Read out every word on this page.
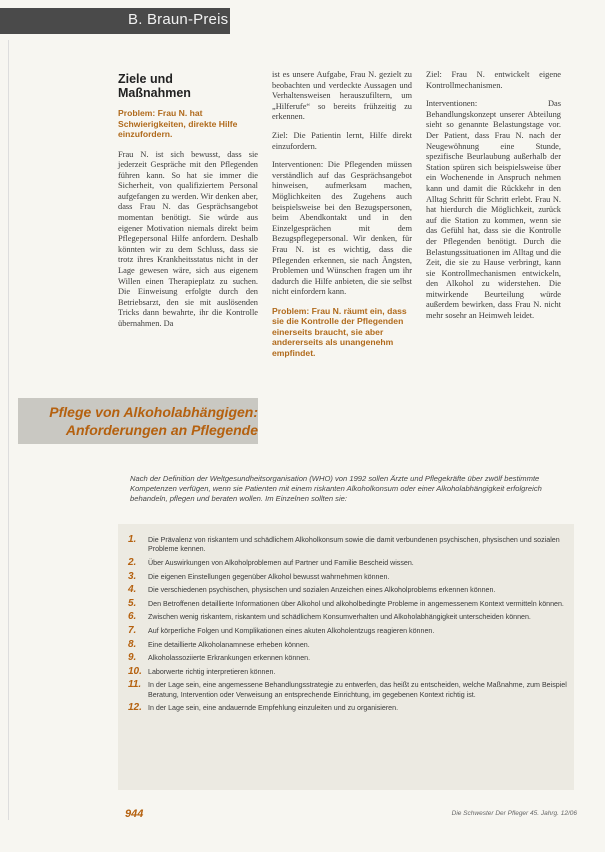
B. Braun-Preis
Ziele und
Maßnahmen
Problem: Frau N. hat Schwierigkeiten, direkte Hilfe einzufordern.

Frau N. ist sich bewusst, dass sie jederzeit Gespräche mit den Pflegenden führen kann. So hat sie immer die Sicherheit, von qualifiziertem Personal aufgefangen zu werden. Wir denken aber, dass Frau N. das Gesprächsangebot momentan benötigt. Sie würde aus eigener Motivation niemals direkt beim Pflegepersonal Hilfe anfordern. Deshalb könnten wir zu dem Schluss, dass sie trotz ihres Krankheitsstatus nicht in der Lage gewesen wäre, sich aus eigenem Willen einen Therapieplatz zu suchen. Die Einweisung erfolgte durch den Betriebsarzt, den sie mit auslösenden Tricks dann bewahrte, ihr die Kontrolle übernahmen. Da

ist es unsere Aufgabe, Frau N. gezielt zu beobachten und verdeckte Aussagen und Verhaltensweisen herauszufiltern, um „Hilferufe“ so bereits frühzeitig zu erkennen.

Ziel: Die Patientin lernt, Hilfe direkt einzufordern.

Interventionen: Die Pflegenden müssen verständlich auf das Gesprächsangebot hinweisen, aufmerksam machen, Möglichkeiten des Zugehens auch beispielsweise bei den Bezugspersonen, beim Abendkontakt und in den Einzelgesprächen mit dem Bezugspflegepersonal. Wir denken, für Frau N. ist es wichtig, dass die Pflegenden erkennen, sie nach Ängsten, Problemen und Wünschen fragen um ihr dadurch die Hilfe anbieten, die sie selbst nicht einfordern kann.

Problem: Frau N. räumt ein, dass sie die Kontrolle der Pflegenden einerseits braucht, sie aber andererseits als unangenehm empfindet.

Ziel: Frau N. entwickelt eigene Kontrollmechanismen.

Interventionen: Das Behandlungskonzept unserer Abteilung sieht so genannte Belastungstage vor. Der Patient, dass Frau N. nach der Neugewöhnung eine Stunde, spezifische Beurlaubung außerhalb der Station spüren sich beispielsweise über ein Wochenende in Anspruch nehmen kann und damit die Rückkehr in den Alltag Schritt für Schritt erlebt. Frau N. hat hierdurch die Möglichkeit, zurück auf die Station zu kommen, wenn sie das Gefühl hat, dass sie die Kontrolle der Pflegenden benötigt. Durch die Belastungssituationen im Alltag und die Zeit, die sie zu Hause verbringt, kann sie Kontrollmechanismen entwickeln, den Alkohol zu widerstehen. Die mitwirkende Beurteilung würde außerdem bewirken, dass Frau N. nicht mehr sosehr an Heimweh leidet.

Pflege von Alkoholabhängigen:
Anforderungen an Pflegende
Nach der Definition der Weltgesundheitsorganisation (WHO) von 1992 sollen Ärzte und Pflegekräfte über zwölf bestimmte Kompetenzen verfügen, wenn sie Patienten mit einem riskanten Alkoholkonsum oder einer Alkoholabhängigkeit erfolgreich behandeln, pflegen und beraten wollen. Im Einzelnen sollten sie:
1. Die Prävalenz von riskantem und schädlichem Alkoholkonsum sowie die damit verbundenen psychischen, physischen und sozialen Probleme kennen.
2. Über Auswirkungen von Alkoholproblemen auf Partner und Familie Bescheid wissen.
3. Die eigenen Einstellungen gegenüber Alkohol bewusst wahrnehmen können.
4. Die verschiedenen psychischen, physischen und sozialen Anzeichen eines Alkoholproblems erkennen können.
5. Den Betroffenen detaillierte Informationen über Alkohol und alkoholbedingte Probleme in angemessenem Kontext vermitteln können.
6. Zwischen wenig riskantem, riskantem und schädlichem Konsumverhalten und Alkoholabhängigkeit unterscheiden können.
7. Auf körperliche Folgen und Komplikationen eines akuten Alkoholentzugs reagieren können.
8. Eine detaillierte Alkoholanamnese erheben können.
9. Alkoholassoziierte Erkrankungen erkennen können.
10. Laborwerte richtig interpretieren können.
11. In der Lage sein, eine angemessene Behandlungsstrategie zu entwerfen, das heißt zu entscheiden, welche Maßnahme, zum Beispiel Beratung, Intervention oder Verweisung an entsprechende Einrichtung, im gegebenen Kontext richtig ist.
12. In der Lage sein, eine andauernde Empfehlung einzuleiten und zu organisieren.
944	Die Schwester Der Pfleger 45. Jahrg. 12/06
